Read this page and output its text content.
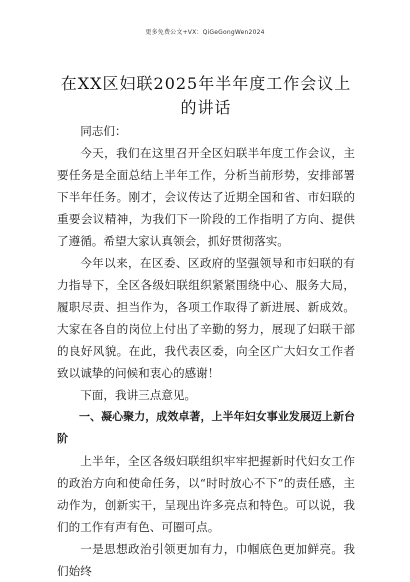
更多免费公文+VX：QiGeGongWen2024
在XX区妇联2025年半年度工作会议上的讲话

同志们：

今天，我们在这里召开全区妇联半年度工作会议，主要任务是全面总结上半年工作，分析当前形势，安排部署下半年任务。刚才，会议传达了近期全国和省、市妇联的重要会议精神，为我们下一阶段的工作指明了方向、提供了遵循。希望大家认真领会，抓好贯彻落实。

今年以来，在区委、区政府的坚强领导和市妇联的有力指导下，全区各级妇联组织紧紧围绕中心、服务大局，履职尽责、担当作为，各项工作取得了新进展、新成效。大家在各自的岗位上付出了辛勤的努力，展现了妇联干部的良好风貌。在此，我代表区委，向全区广大妇女工作者致以诚挚的问候和衷心的感谢！

下面，我讲三点意见。

一、凝心聚力，成效卓著，上半年妇女事业发展迈上新台阶

上半年，全区各级妇联组织牢牢把握新时代妇女工作的政治方向和使命任务，以“时时放心不下”的责任感，主动作为，创新实干，呈现出许多亮点和特色。可以说，我们的工作有声有色、可圈可点。

一是思想政治引领更加有力，巾帼底色更加鲜亮。我们始终
